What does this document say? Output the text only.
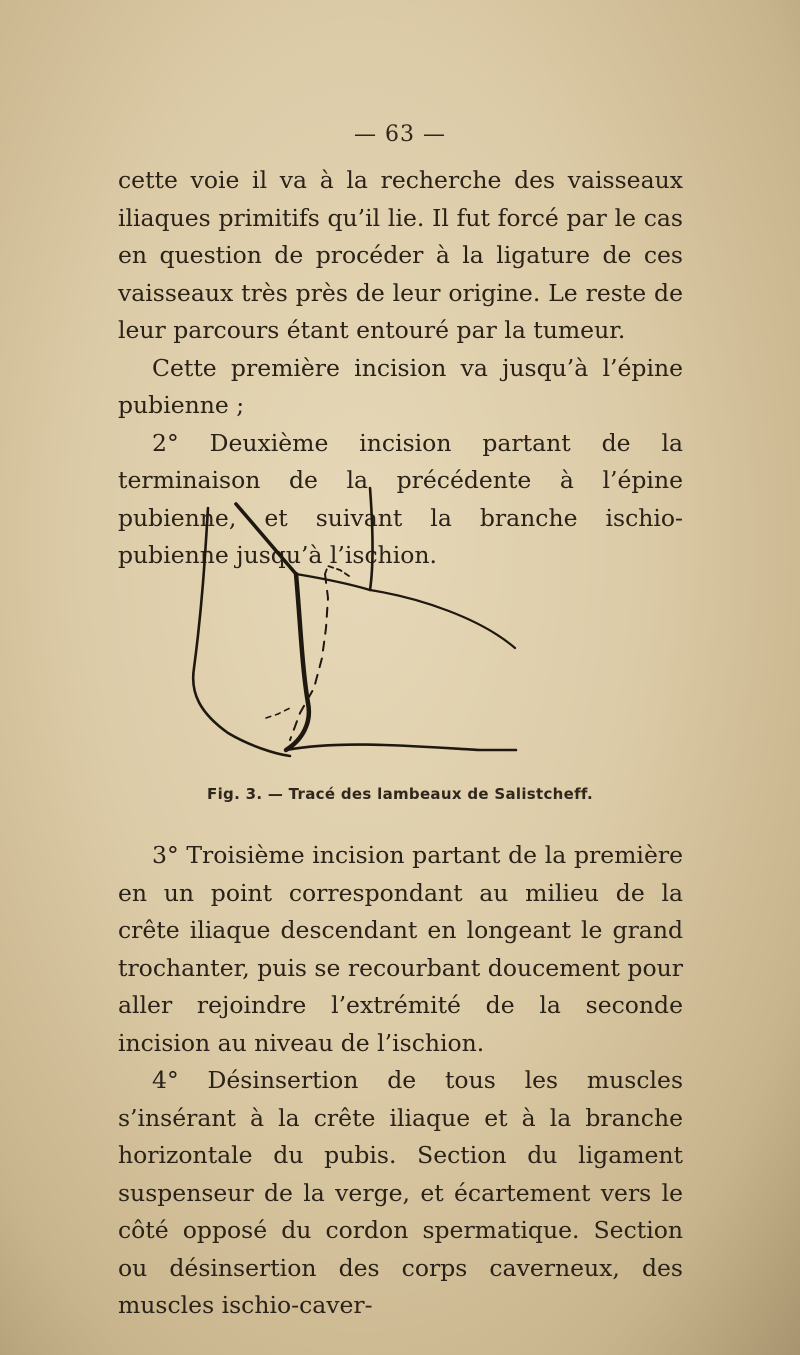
— 63 —

cette voie il va à la recherche des vaisseaux iliaques primitifs qu’il lie. Il fut forcé par le cas en question de procéder à la ligature de ces vaisseaux très près de leur origine. Le reste de leur parcours étant entouré par la tumeur.

Cette première incision va jusqu’à l’épine pubienne ;

2° Deuxième incision partant de la terminaison de la précédente à l’épine pubienne, et suivant la branche ischio-pubienne jusqu’à l’ischion.

Fig. 3. — Tracé des lambeaux de Salistcheff.

3° Troisième incision partant de la première en un point correspondant au milieu de la crête iliaque descendant en longeant le grand trochanter, puis se recourbant doucement pour aller rejoindre l’extrémité de la seconde incision au niveau de l’ischion.

4° Désinsertion de tous les muscles s’insérant à la crête iliaque et à la branche horizontale du pubis. Section du ligament suspenseur de la verge, et écartement vers le côté opposé du cordon spermatique. Section ou désinsertion des corps caverneux, des muscles ischio-caver-
